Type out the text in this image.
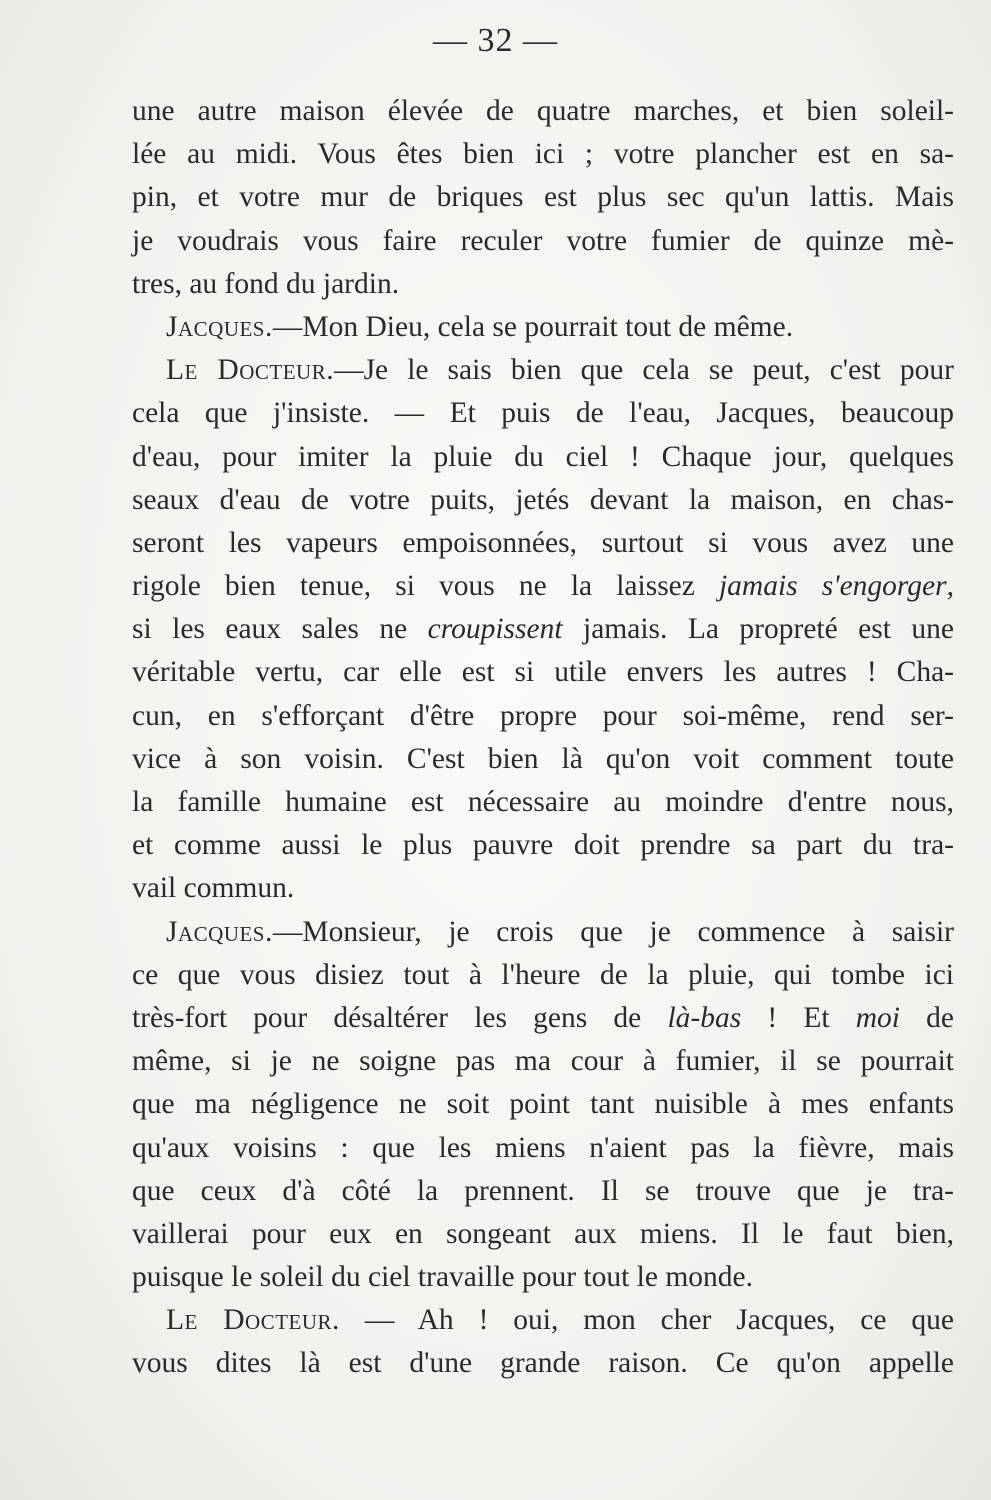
— 32 —
une autre maison élevée de quatre marches, et bien soleil-
lée au midi. Vous êtes bien ici ; votre plancher est en sa-
pin, et votre mur de briques est plus sec qu'un lattis. Mais
je voudrais vous faire reculer votre fumier de quinze mè-
tres, au fond du jardin.
Jacques.—Mon Dieu, cela se pourrait tout de même.
Le Docteur.—Je le sais bien que cela se peut, c'est pour
cela que j'insiste. — Et puis de l'eau, Jacques, beaucoup
d'eau, pour imiter la pluie du ciel ! Chaque jour, quelques
seaux d'eau de votre puits, jetés devant la maison, en chas-
seront les vapeurs empoisonnées, surtout si vous avez une
rigole bien tenue, si vous ne la laissez jamais s'engorger,
si les eaux sales ne croupissent jamais. La propreté est une
véritable vertu, car elle est si utile envers les autres ! Cha-
cun, en s'efforçant d'être propre pour soi-même, rend ser-
vice à son voisin. C'est bien là qu'on voit comment toute
la famille humaine est nécessaire au moindre d'entre nous,
et comme aussi le plus pauvre doit prendre sa part du tra-
vail commun.
Jacques.—Monsieur, je crois que je commence à saisir
ce que vous disiez tout à l'heure de la pluie, qui tombe ici
très-fort pour désaltérer les gens de là-bas ! Et moi de
même, si je ne soigne pas ma cour à fumier, il se pourrait
que ma négligence ne soit point tant nuisible à mes enfants
qu'aux voisins : que les miens n'aient pas la fièvre, mais
que ceux d'à côté la prennent. Il se trouve que je tra-
vaillerai pour eux en songeant aux miens. Il le faut bien,
puisque le soleil du ciel travaille pour tout le monde.
Le Docteur. — Ah ! oui, mon cher Jacques, ce que
vous dites là est d'une grande raison. Ce qu'on appelle
